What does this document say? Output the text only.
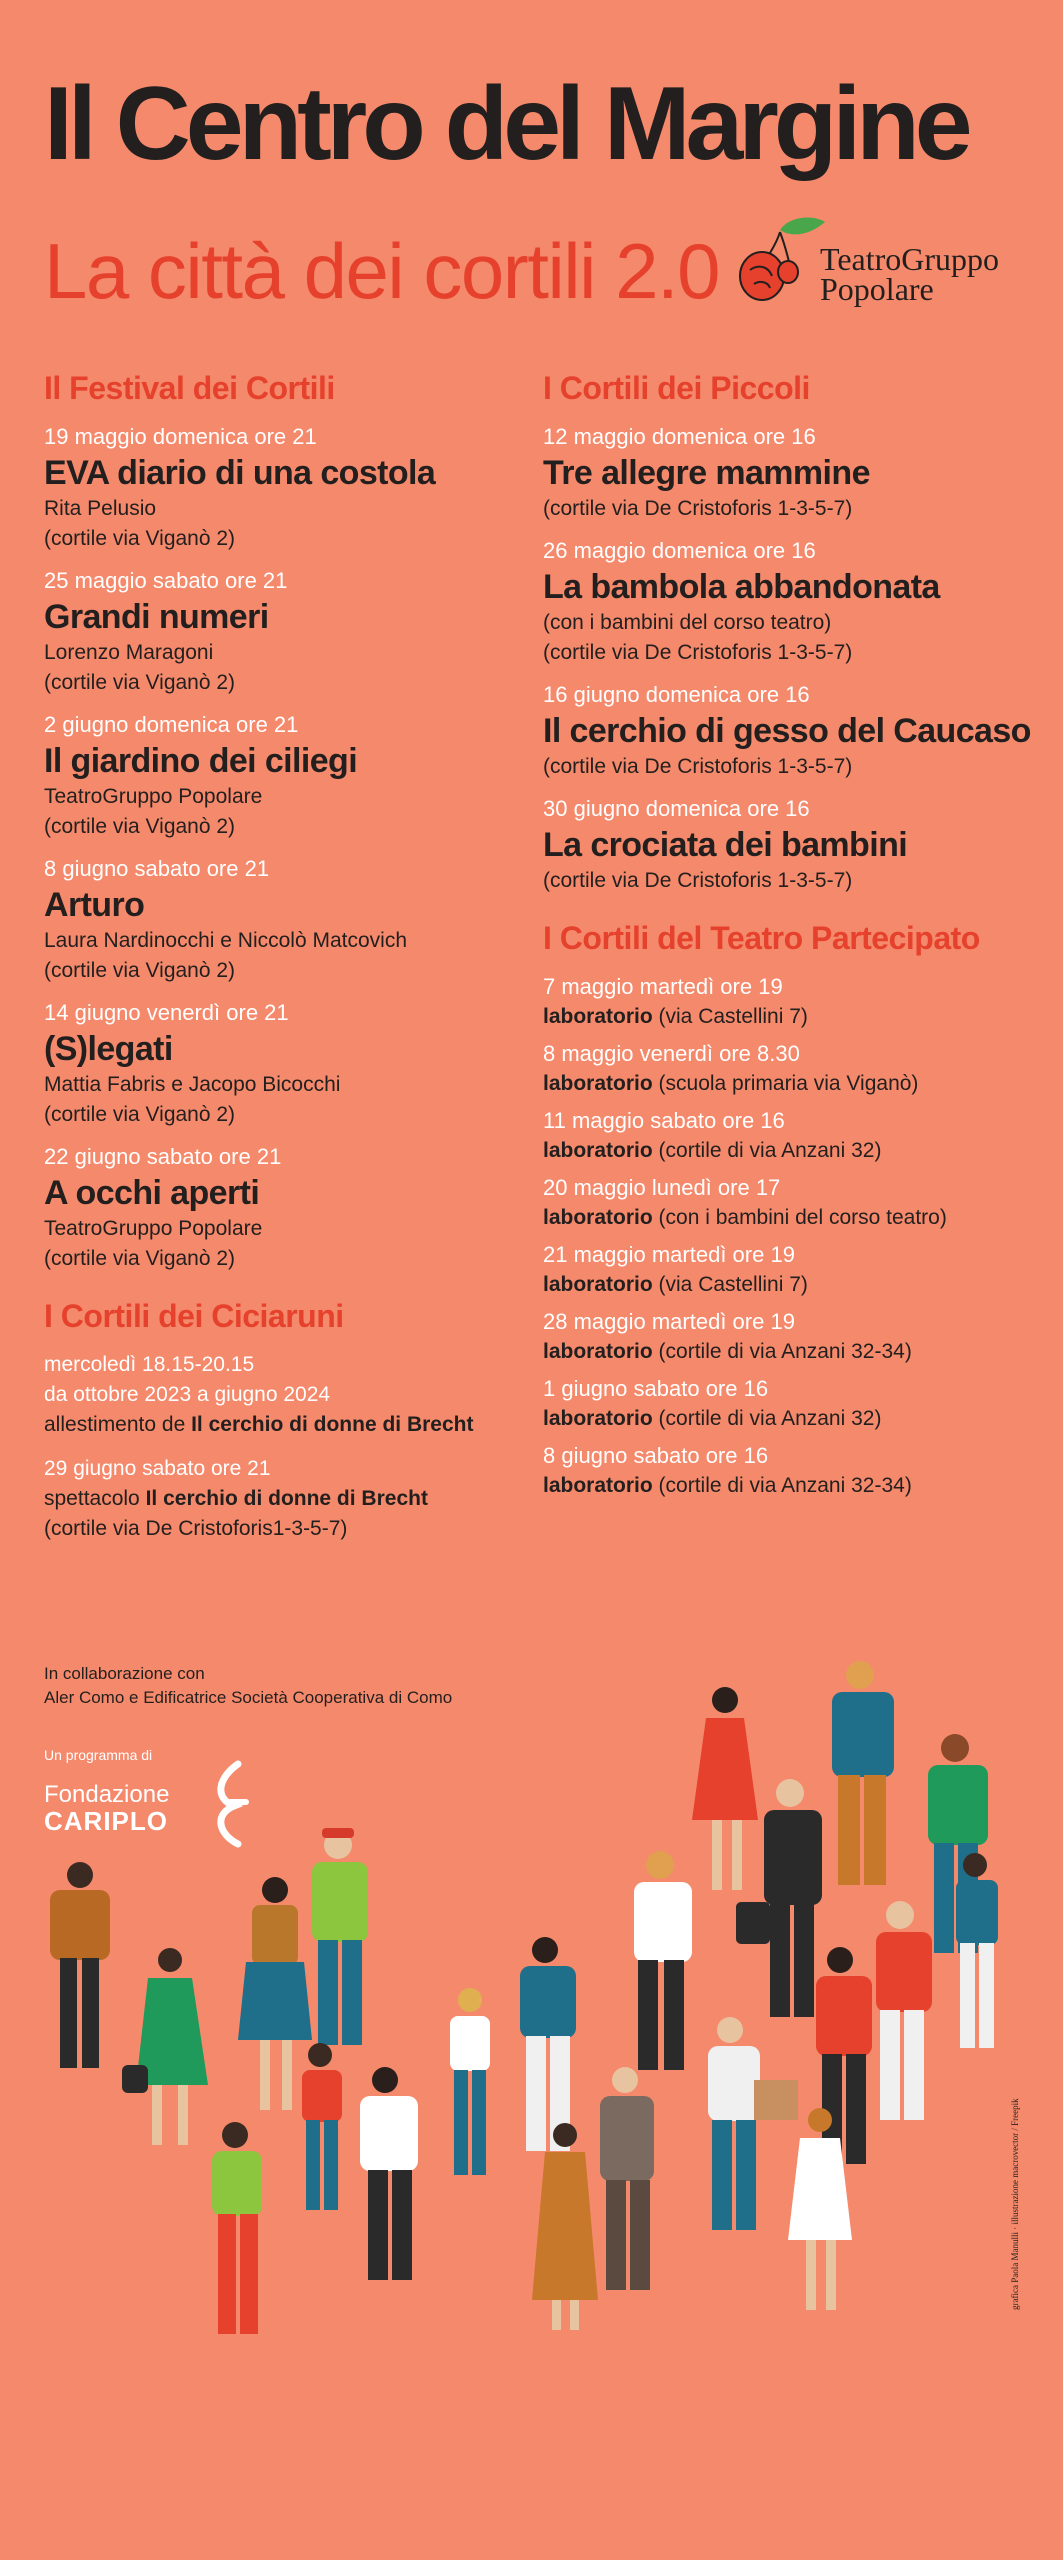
Il Centro del Margine
La città dei cortili 2.0	TeatroGruppo
Popolare
Il Festival dei Cortili
19 maggio domenica ore 21
EVA diario di una costola
Rita Pelusio
(cortile via Viganò 2)
25 maggio sabato ore 21
Grandi numeri
Lorenzo Maragoni
(cortile via Viganò 2)
2 giugno domenica ore 21
Il giardino dei ciliegi
TeatroGruppo Popolare
(cortile via Viganò 2)
8 giugno sabato ore 21
Arturo
Laura Nardinocchi e Niccolò Matcovich
(cortile via Viganò 2)
14 giugno venerdì ore 21
(S)legati
Mattia Fabris e Jacopo Bicocchi
(cortile via Viganò 2)
22 giugno sabato ore 21
A occhi aperti
TeatroGruppo Popolare
(cortile via Viganò 2)
I Cortili dei Ciciaruni
mercoledì 18.15-20.15
da ottobre 2023 a giugno 2024
allestimento de Il cerchio di donne di Brecht
29 giugno sabato ore 21
spettacolo Il cerchio di donne di Brecht
(cortile via De Cristoforis1-3-5-7)
I Cortili dei Piccoli
12 maggio domenica ore 16
Tre allegre mammine
(cortile via De Cristoforis 1-3-5-7)
26 maggio domenica ore 16
La bambola abbandonata
(con i bambini del corso teatro)
(cortile via De Cristoforis 1-3-5-7)
16 giugno domenica ore 16
Il cerchio di gesso del Caucaso
(cortile via De Cristoforis 1-3-5-7)
30 giugno domenica ore 16
La crociata dei bambini
(cortile via De Cristoforis 1-3-5-7)
I Cortili del Teatro Partecipato
7 maggio martedì ore 19
laboratorio (via Castellini 7)
8 maggio venerdì ore 8.30
laboratorio (scuola primaria via Viganò)
11 maggio sabato ore 16
laboratorio (cortile di via Anzani 32)
20 maggio lunedì ore 17
laboratorio (con i bambini del corso teatro)
21 maggio martedì ore 19
laboratorio (via Castellini 7)
28 maggio martedì ore 19
laboratorio (cortile di via Anzani 32-34)
1 giugno sabato ore 16
laboratorio (cortile di via Anzani 32)
8 giugno sabato ore 16
laboratorio (cortile di via Anzani 32-34)
In collaborazione con
Aler Como e Edificatrice Società Cooperativa di Como
Un programma di
Fondazione
CARIPLO
grafica Paola Manulli · illustrazione macrovector / Freepik
